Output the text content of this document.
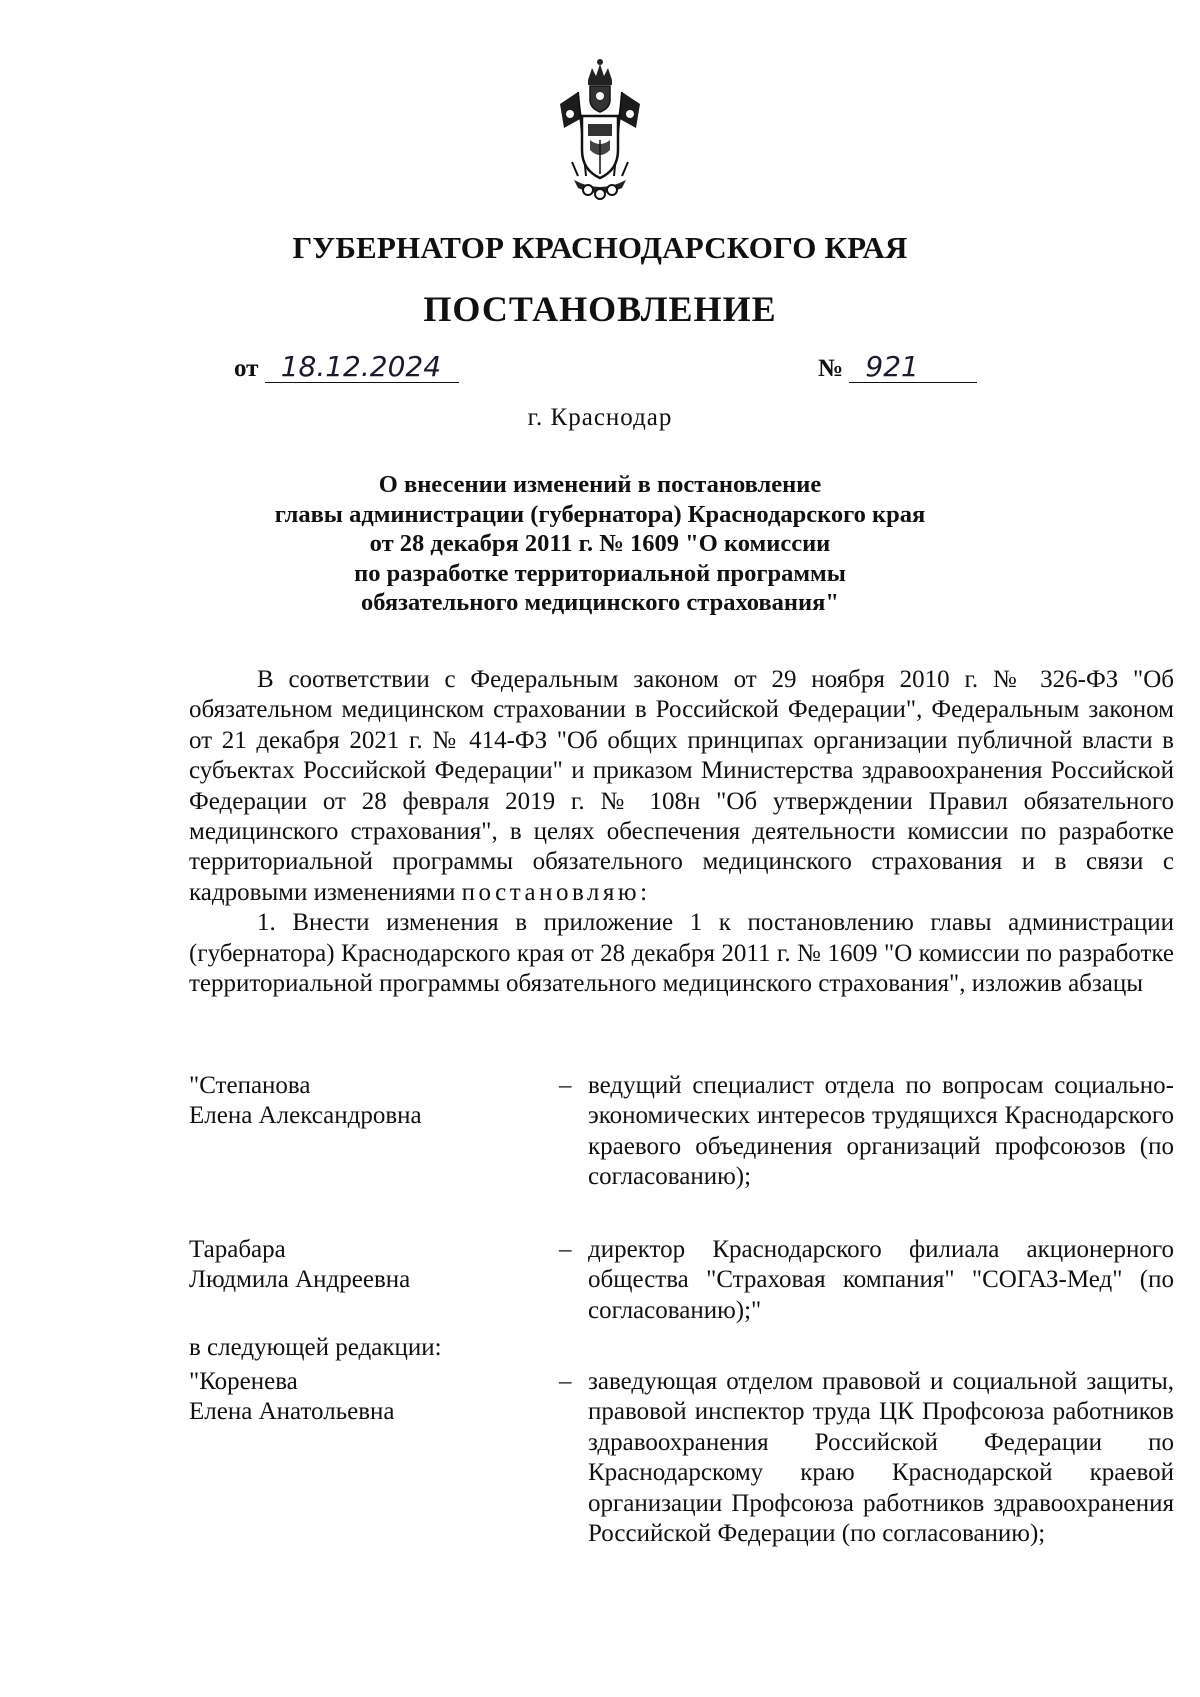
ГУБЕРНАТОР КРАСНОДАРСКОГО КРАЯ
ПОСТАНОВЛЕНИЕ
от 18.12.2024	№ 921
г. Краснодар
О внесении изменений в постановление
главы администрации (губернатора) Краснодарского края
от 28 декабря 2011 г. № 1609 "О комиссии
по разработке территориальной программы
обязательного медицинского страхования"

В соответствии с Федеральным законом от 29 ноября 2010 г. № 326-ФЗ "Об обязательном медицинском страховании в Российской Федерации", Федеральным законом от 21 декабря 2021 г. № 414-ФЗ "Об общих принципах организации публичной власти в субъектах Российской Федерации" и приказом Министерства здравоохранения Российской Федерации от 28 февраля 2019 г. № 108н "Об утверждении Правил обязательного медицинского страхования", в целях обеспечения деятельности комиссии по разработке территориальной программы обязательного медицинского страхования и в связи с кадровыми изменениями постановляю:

1. Внести изменения в приложение 1 к постановлению главы администрации (губернатора) Краснодарского края от 28 декабря 2011 г. № 1609 "О комиссии по разработке территориальной программы обязательного медицинского страхования", изложив абзацы

"Степанова
Елена Александровна
– ведущий специалист отдела по вопросам социально-экономических интересов трудящихся Краснодарского краевого объединения организаций профсоюзов (по согласованию);
Тарабара
Людмила Андреевна
– директор Краснодарского филиала акционерного общества "Страховая компания" "СОГАЗ-Мед" (по согласованию);"
в следующей редакции:
"Коренева
Елена Анатольевна
– заведующая отделом правовой и социальной защиты, правовой инспектор труда ЦК Профсоюза работников здравоохранения Российской Федерации по Краснодарскому краю Краснодарской краевой организации Профсоюза работников здравоохранения Российской Федерации (по согласованию);
